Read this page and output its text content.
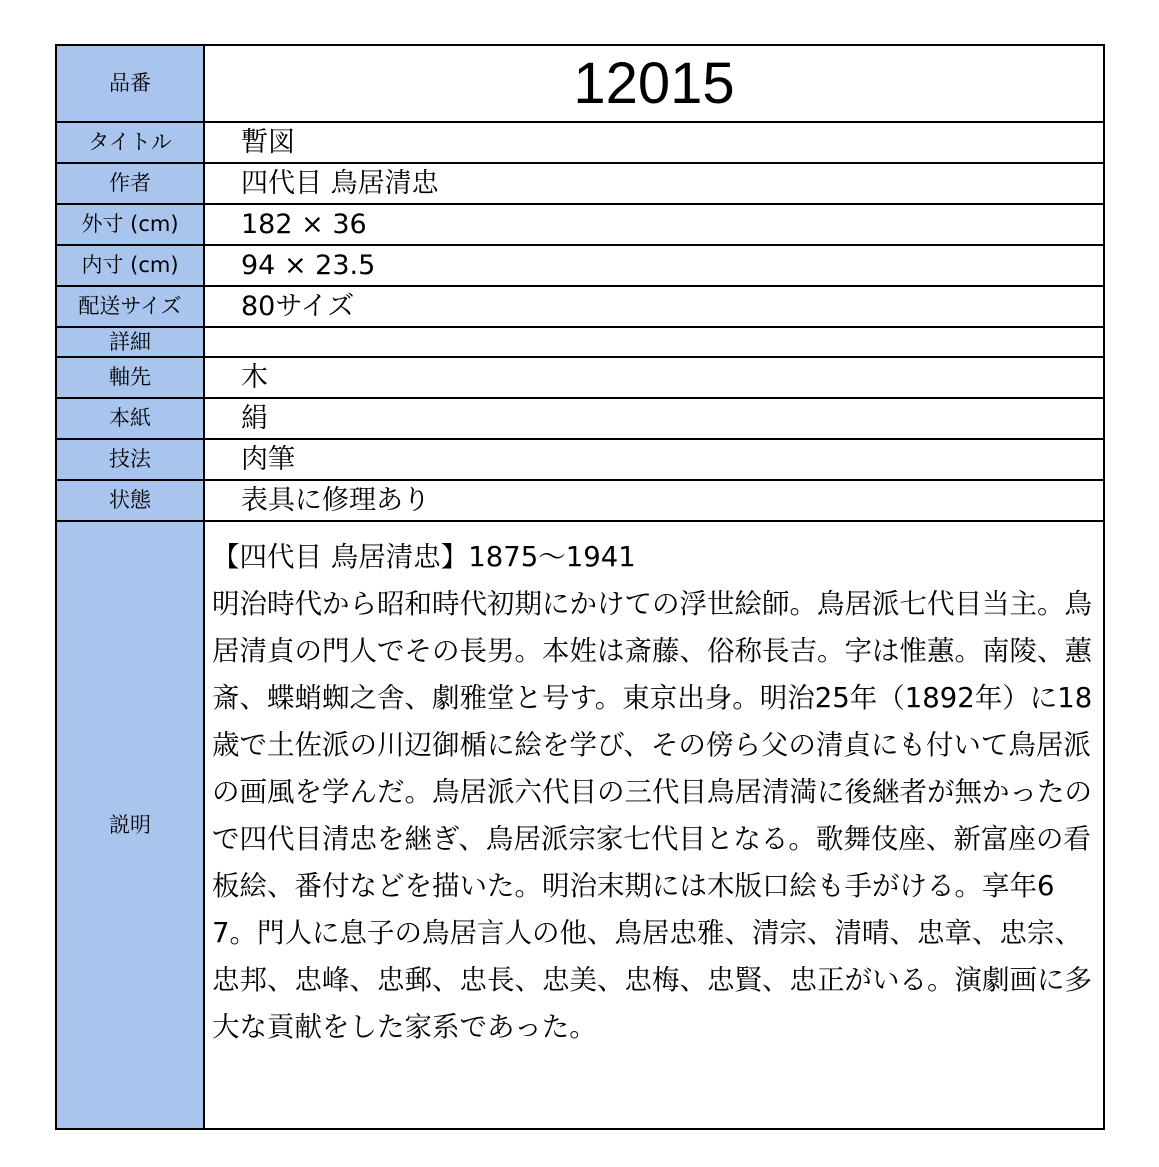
品番	12015
タイトル	暫図
作者	四代目 鳥居清忠
外寸 (cm)	182 × 36
内寸 (cm)	94 × 23.5
配送サイズ	80サイズ
詳細	
軸先	木
本紙	絹
技法	肉筆
状態	表具に修理あり
説明	【四代目 鳥居清忠】1875〜1941
明治時代から昭和時代初期にかけての浮世絵師。鳥居派七代目当主。鳥居清貞の門人でその長男。本姓は斎藤、俗称長吉。字は惟蕙。南陵、蕙斎、蝶蛸蜘之舎、劇雅堂と号す。東京出身。明治25年（1892年）に18歳で土佐派の川辺御楯に絵を学び、その傍ら父の清貞にも付いて鳥居派の画風を学んだ。鳥居派六代目の三代目鳥居清満に後継者が無かったので四代目清忠を継ぎ、鳥居派宗家七代目となる。歌舞伎座、新富座の看板絵、番付などを描いた。明治末期には木版口絵も手がける。享年67。門人に息子の鳥居言人の他、鳥居忠雅、清宗、清晴、忠章、忠宗、忠邦、忠峰、忠郵、忠長、忠美、忠梅、忠賢、忠正がいる。演劇画に多大な貢献をした家系であった。
